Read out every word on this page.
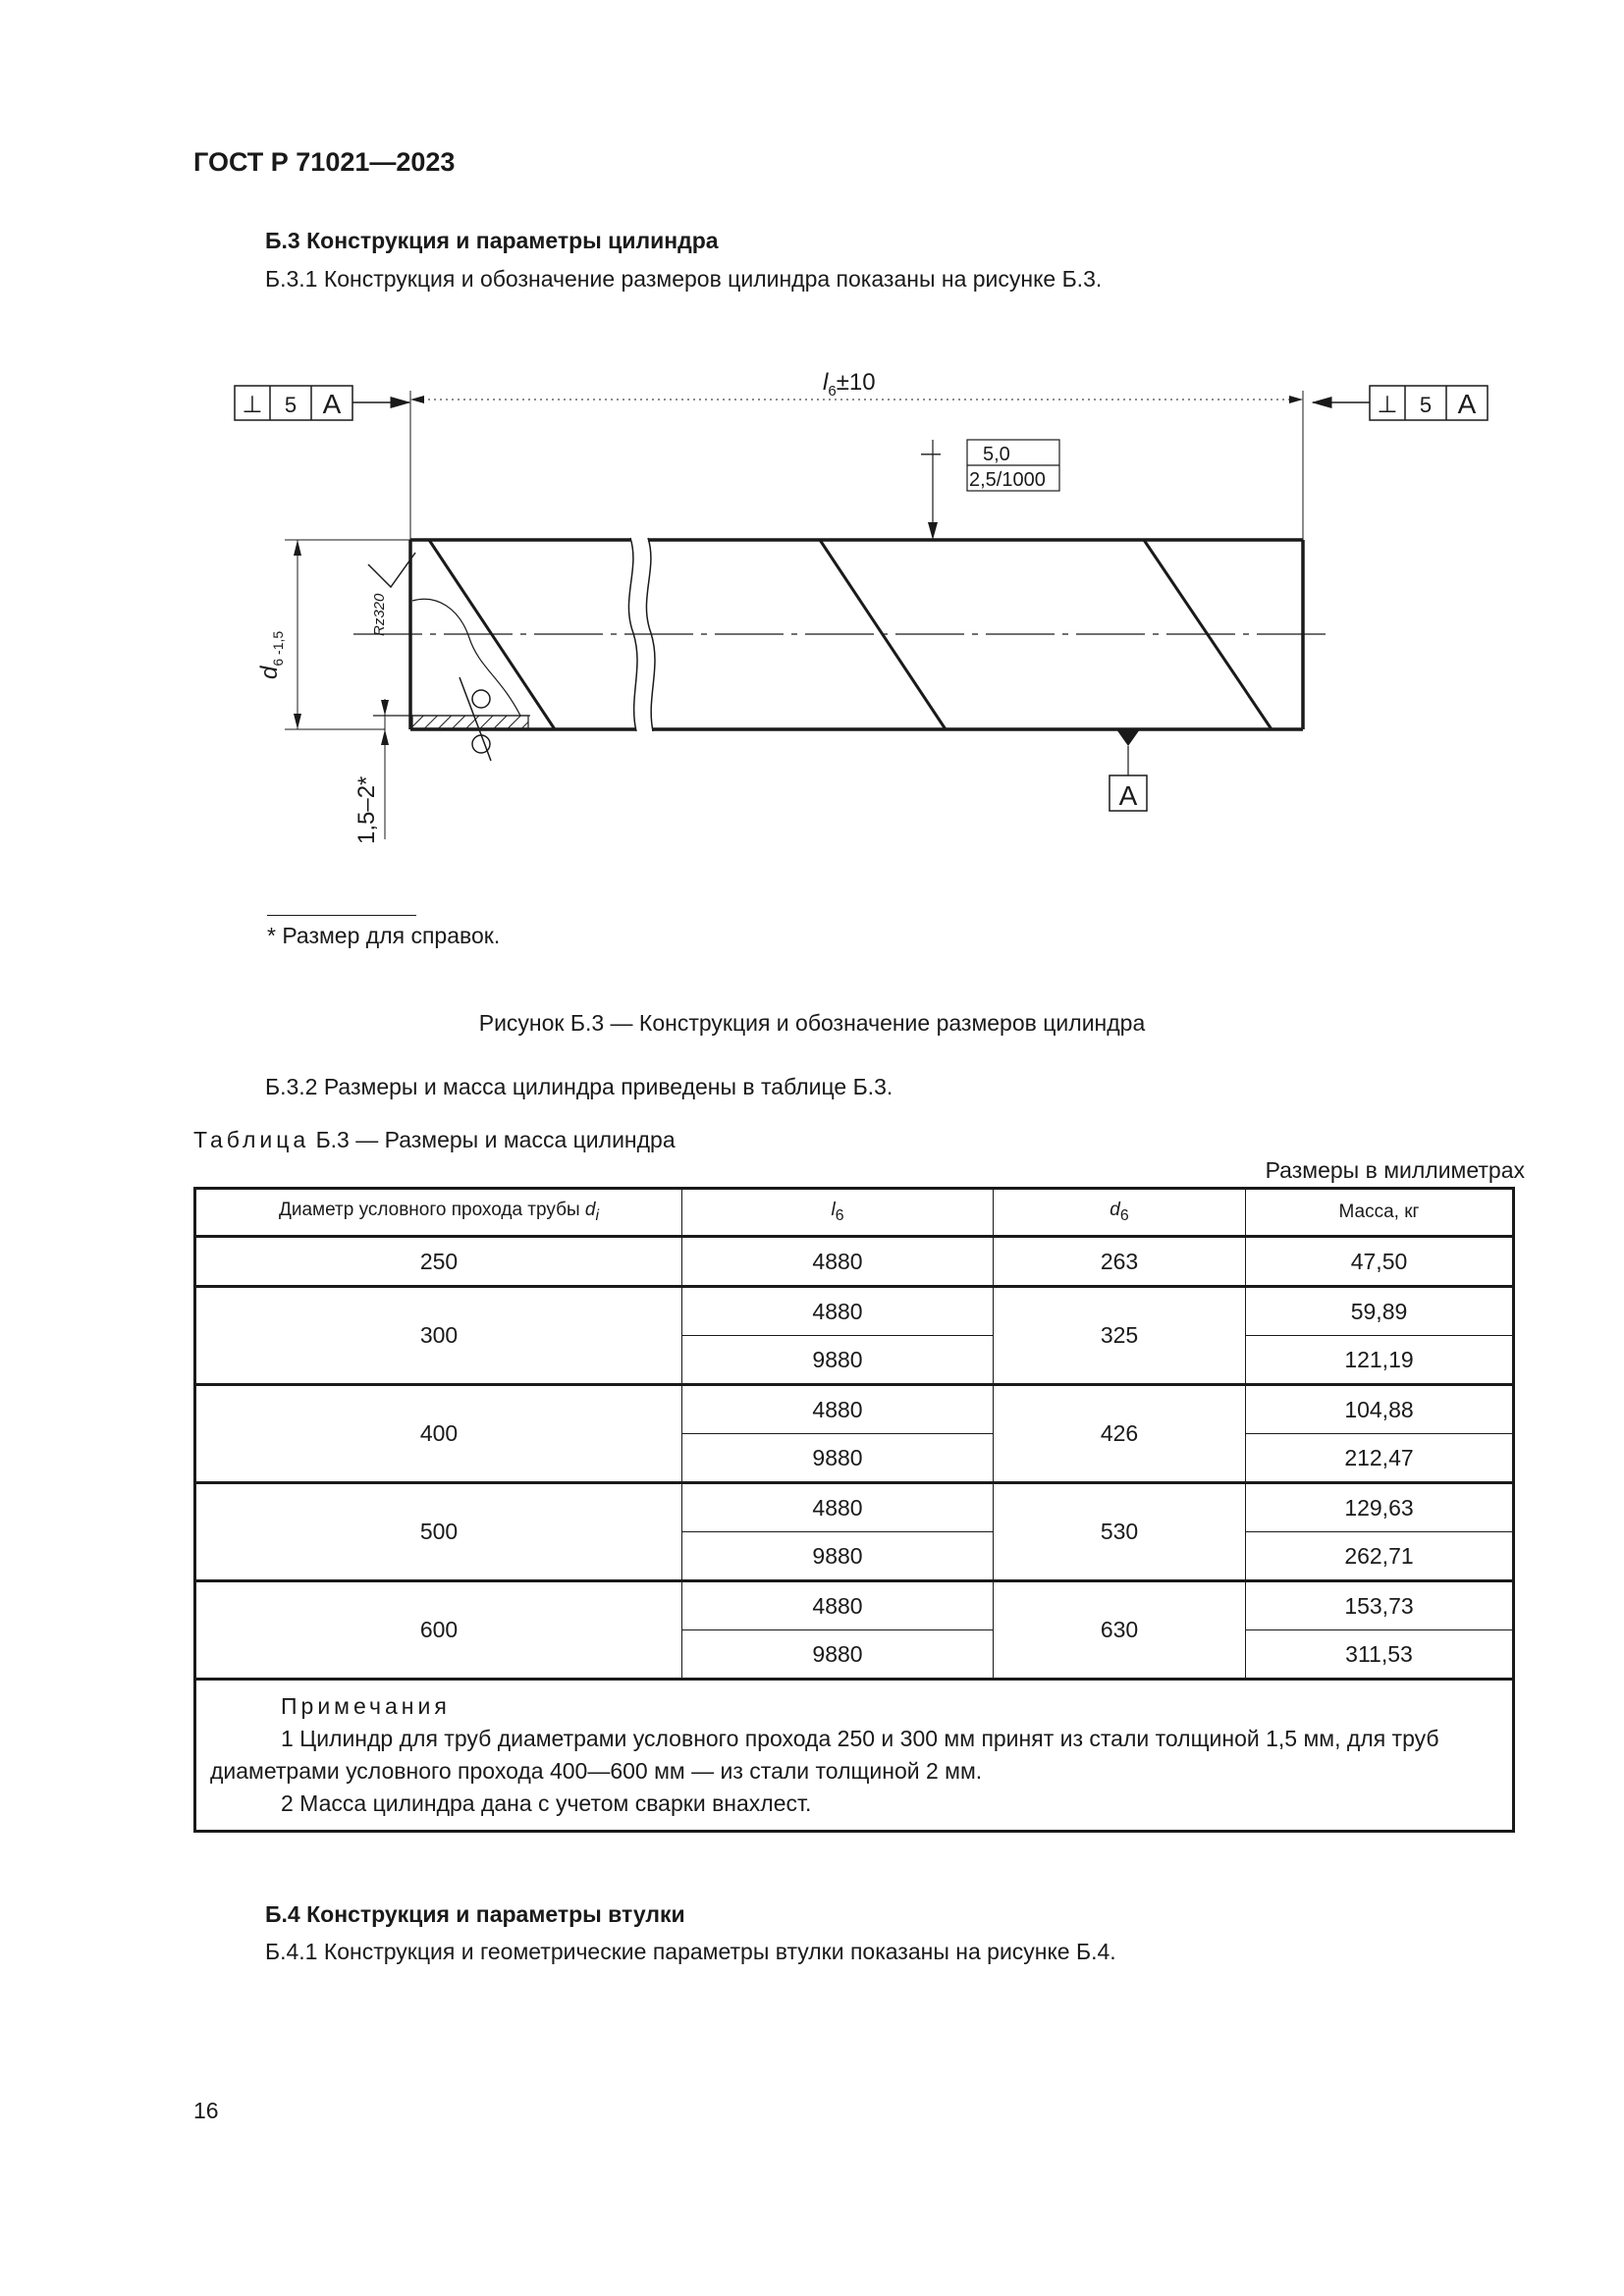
ГОСТ Р 71021—2023
Б.3 Конструкция и параметры цилиндра
Б.3.1 Конструкция и обозначение размеров цилиндра показаны на рисунке Б.3.
⊥ 5 A	⊥ 5 A
$l_6\pm 10$
— 5,0
2,5/1000
$d_{6 -1,5}$
Rz320
1,5–2*	A
* Размер для справок.
Рисунок Б.3 — Конструкция и обозначение размеров цилиндра
Б.3.2 Размеры и масса цилиндра приведены в таблице Б.3.
Таблица Б.3 — Размеры и масса цилиндра
Размеры в миллиметрах
Диаметр условного прохода трубы $d_i$	$l_6$	$d_6$	Масса, кг
250	4880	263	47,50
300	4880	325	59,89
	9880		121,19
400	4880	426	104,88
	9880		212,47
500	4880	530	129,63
	9880		262,71
600	4880	630	153,73
	9880		311,53

Примечания
1 Цилиндр для труб диаметрами условного прохода 250 и 300 мм принят из стали толщиной 1,5 мм, для труб диаметрами условного прохода 400—600 мм — из стали толщиной 2 мм.
2 Масса цилиндра дана с учетом сварки внахлест.			
Б.4 Конструкция и параметры втулки
Б.4.1 Конструкция и геометрические параметры втулки показаны на рисунке Б.4.
16
